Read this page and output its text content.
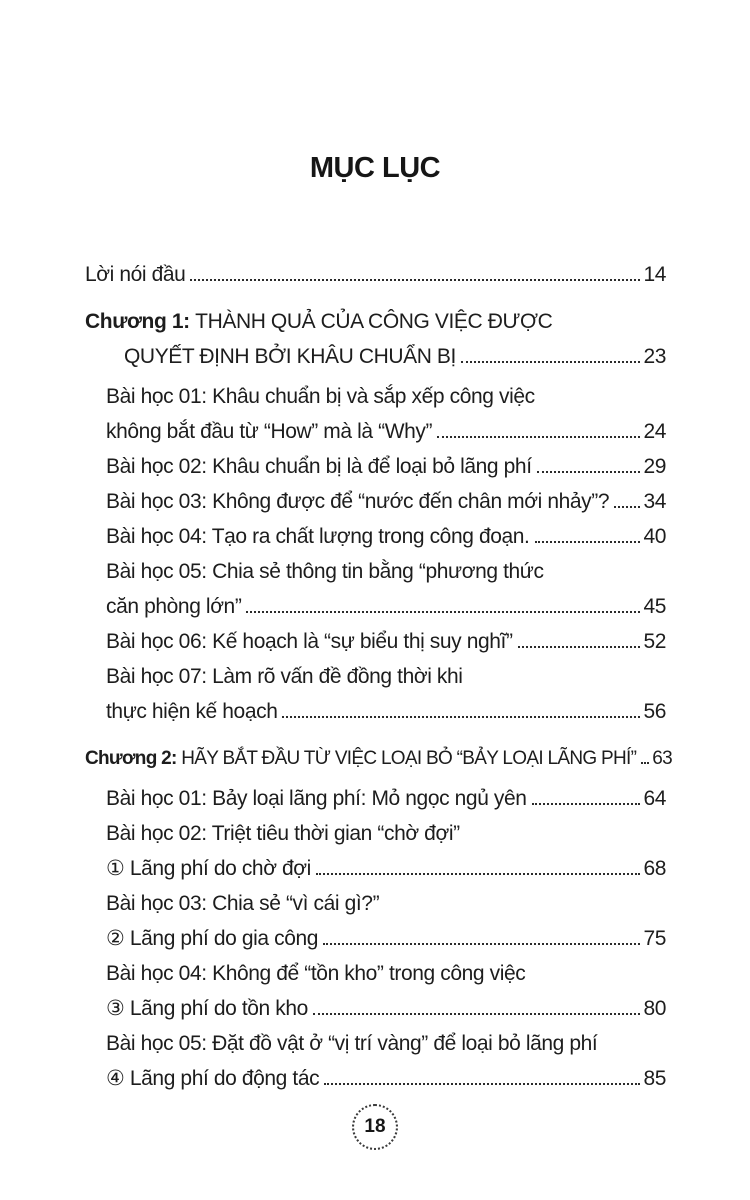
MỤC LỤC
Lời nói đầu	14
Chương 1: THÀNH QUẢ CỦA CÔNG VIỆC ĐƯỢC
QUYẾT ĐỊNH BỞI KHÂU CHUẨN BỊ	23
Bài học 01: Khâu chuẩn bị và sắp xếp công việc
không bắt đầu từ “How” mà là “Why”	24
Bài học 02: Khâu chuẩn bị là để loại bỏ lãng phí	29
Bài học 03: Không được để “nước đến chân mới nhảy”? 34
Bài học 04: Tạo ra chất lượng trong công đoạn.	40
Bài học 05: Chia sẻ thông tin bằng “phương thức
căn phòng lớn”	45
Bài học 06: Kế hoạch là “sự biểu thị suy nghĩ”	52
Bài học 07: Làm rõ vấn đề đồng thời khi
thực hiện kế hoạch	56
Chương 2: HÃY BẮT ĐẦU TỪ VIỆC LOẠI BỎ “BẢY LOẠI LÃNG PHÍ” 63
Bài học 01: Bảy loại lãng phí: Mỏ ngọc ngủ yên	64
Bài học 02: Triệt tiêu thời gian “chờ đợi”
① Lãng phí do chờ đợi	68
Bài học 03: Chia sẻ “vì cái gì?”
② Lãng phí do gia công	75
Bài học 04: Không để “tồn kho” trong công việc
③ Lãng phí do tồn kho	80
Bài học 05: Đặt đồ vật ở “vị trí vàng” để loại bỏ lãng phí
④ Lãng phí do động tác	85
18
